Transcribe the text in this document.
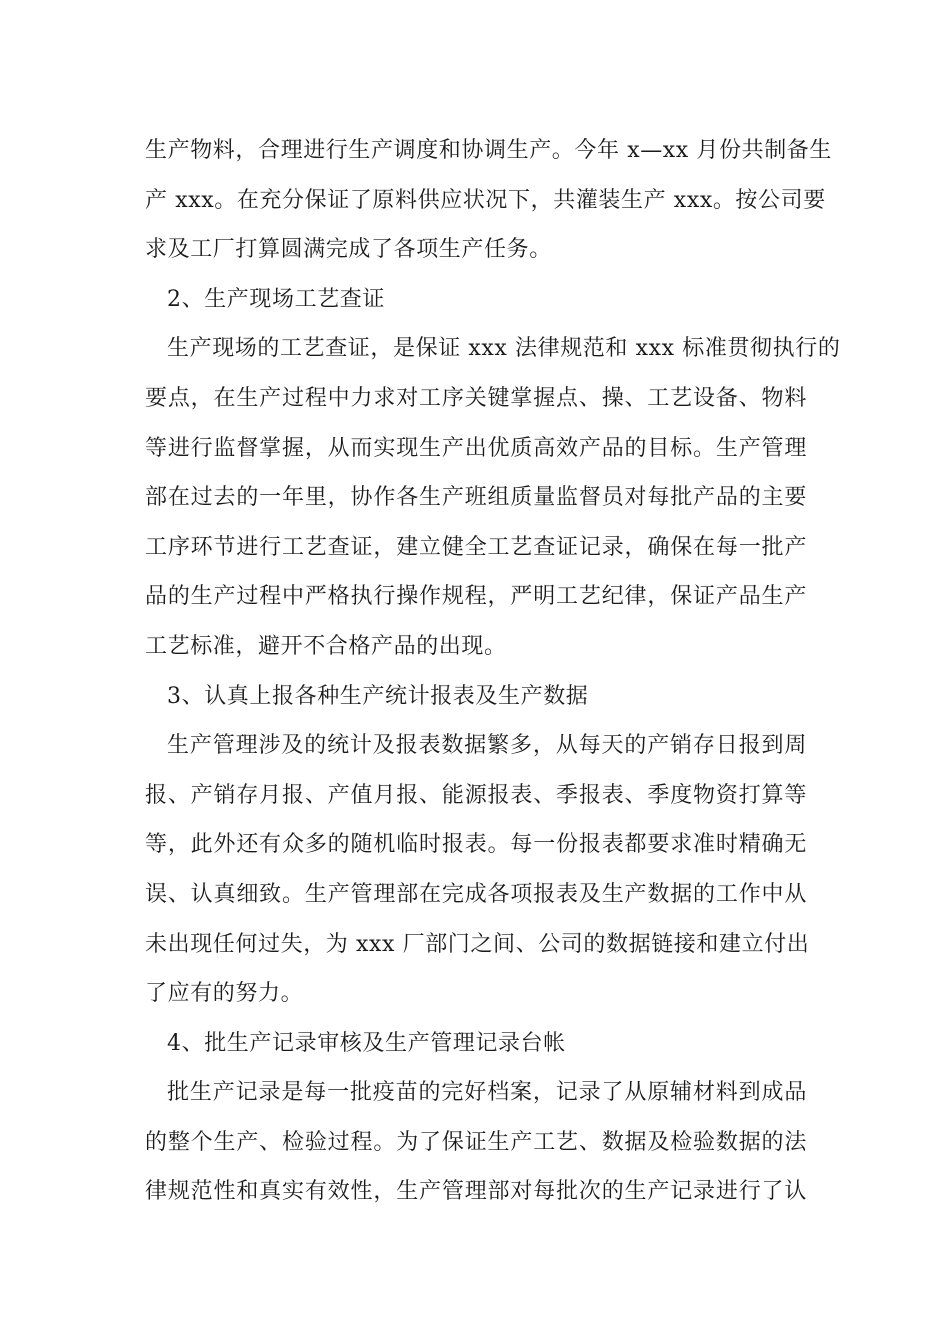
生产物料，合理进行生产调度和协调生产。今年 x—xx 月份共制备生
产 xxx。在充分保证了原料供应状况下，共灌装生产 xxx。按公司要
求及工厂打算圆满完成了各项生产任务。
2、生产现场工艺查证
生产现场的工艺查证，是保证 xxx 法律规范和 xxx 标准贯彻执行的
要点，在生产过程中力求对工序关键掌握点、操、工艺设备、物料
等进行监督掌握，从而实现生产出优质高效产品的目标。生产管理
部在过去的一年里，协作各生产班组质量监督员对每批产品的主要
工序环节进行工艺查证，建立健全工艺查证记录，确保在每一批产
品的生产过程中严格执行操作规程，严明工艺纪律，保证产品生产
工艺标准，避开不合格产品的出现。
3、认真上报各种生产统计报表及生产数据
生产管理涉及的统计及报表数据繁多，从每天的产销存日报到周
报、产销存月报、产值月报、能源报表、季报表、季度物资打算等
等，此外还有众多的随机临时报表。每一份报表都要求准时精确无
误、认真细致。生产管理部在完成各项报表及生产数据的工作中从
未出现任何过失，为 xxx 厂部门之间、公司的数据链接和建立付出
了应有的努力。
4、批生产记录审核及生产管理记录台帐
批生产记录是每一批疫苗的完好档案，记录了从原辅材料到成品
的整个生产、检验过程。为了保证生产工艺、数据及检验数据的法
律规范性和真实有效性，生产管理部对每批次的生产记录进行了认
